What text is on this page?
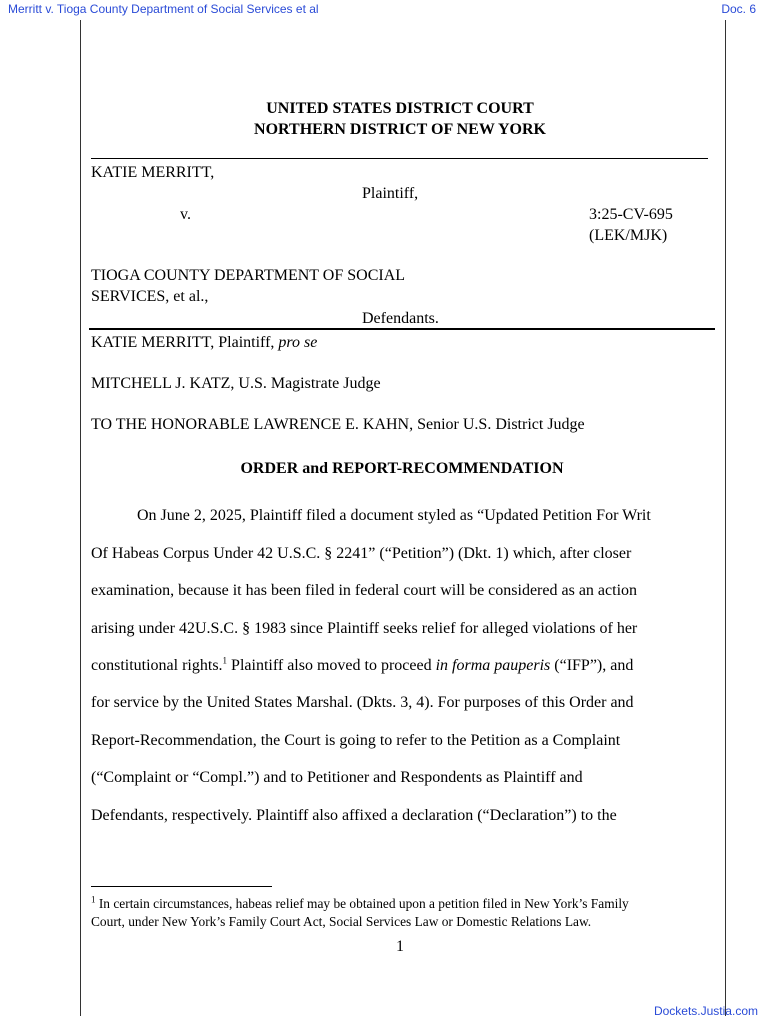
Merritt v. Tioga County Department of Social Services et al	Doc. 6
UNITED STATES DISTRICT COURT
NORTHERN DISTRICT OF NEW YORK
KATIE MERRITT,
Plaintiff,
v.	3:25-CV-695
(LEK/MJK)
TIOGA COUNTY DEPARTMENT OF SOCIAL
SERVICES, et al.,
Defendants.
KATIE MERRITT, Plaintiff, pro se
MITCHELL J. KATZ, U.S. Magistrate Judge
TO THE HONORABLE LAWRENCE E. KAHN, Senior U.S. District Judge
ORDER and REPORT-RECOMMENDATION
On June 2, 2025, Plaintiff filed a document styled as “Updated Petition For Writ
Of Habeas Corpus Under 42 U.S.C. § 2241” (“Petition”) (Dkt. 1) which, after closer
examination, because it has been filed in federal court will be considered as an action
arising under 42U.S.C. § 1983 since Plaintiff seeks relief for alleged violations of her
constitutional rights.$^1$ Plaintiff also moved to proceed in forma pauperis (“IFP”), and
for service by the United States Marshal. (Dkts. 3, 4). For purposes of this Order and
Report-Recommendation, the Court is going to refer to the Petition as a Complaint
(“Complaint or “Compl.”) and to Petitioner and Respondents as Plaintiff and
Defendants, respectively. Plaintiff also affixed a declaration (“Declaration”) to the
$^1$ In certain circumstances, habeas relief may be obtained upon a petition filed in New York’s Family
Court, under New York’s Family Court Act, Social Services Law or Domestic Relations Law.
1
Dockets.Justia.com
